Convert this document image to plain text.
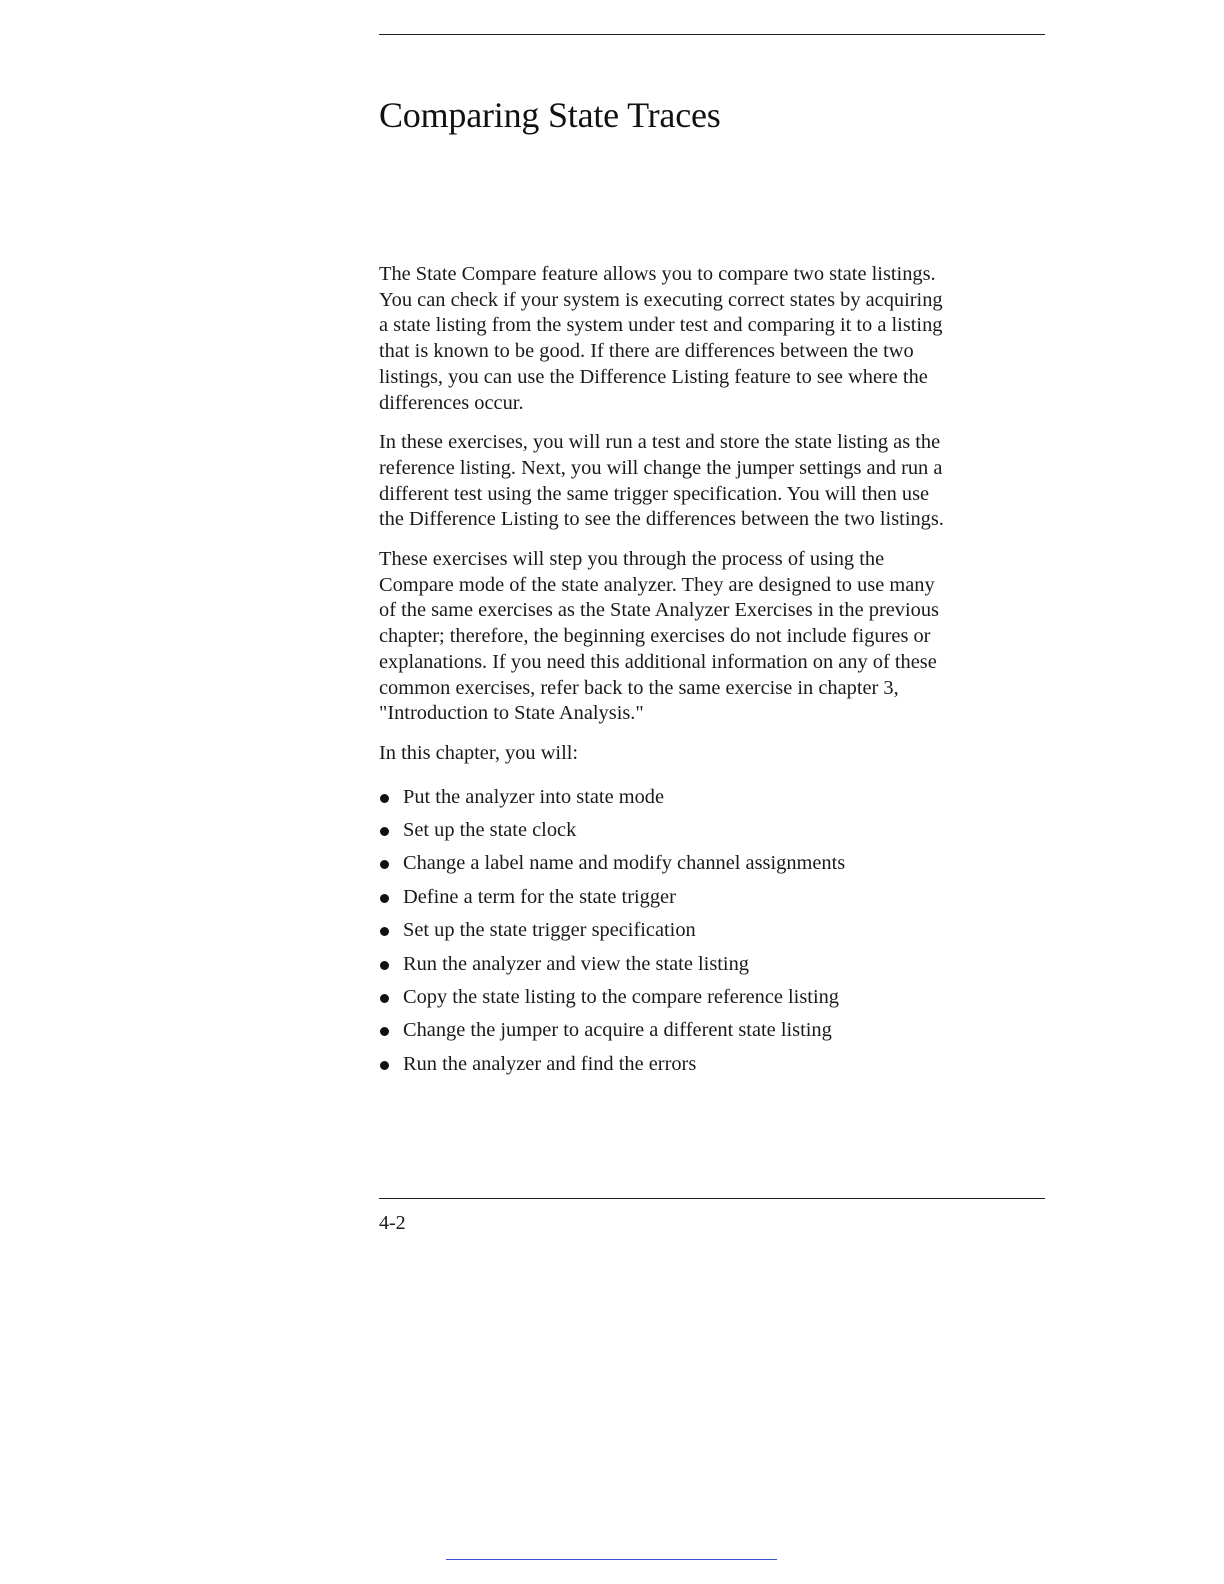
Comparing State Traces

The State Compare feature allows you to compare two state listings.
You can check if your system is executing correct states by acquiring
a state listing from the system under test and comparing it to a listing
that is known to be good. If there are differences between the two
listings, you can use the Difference Listing feature to see where the
differences occur.

In these exercises, you will run a test and store the state listing as the
reference listing. Next, you will change the jumper settings and run a
different test using the same trigger specification. You will then use
the Difference Listing to see the differences between the two listings.

These exercises will step you through the process of using the
Compare mode of the state analyzer. They are designed to use many
of the same exercises as the State Analyzer Exercises in the previous
chapter; therefore, the beginning exercises do not include figures or
explanations. If you need this additional information on any of these
common exercises, refer back to the same exercise in chapter 3,
"Introduction to State Analysis."

In this chapter, you will:

Put the analyzer into state mode
Set up the state clock
Change a label name and modify channel assignments
Define a term for the state trigger
Set up the state trigger specification
Run the analyzer and view the state listing
Copy the state listing to the compare reference listing
Change the jumper to acquire a different state listing
Run the analyzer and find the errors
4-2
